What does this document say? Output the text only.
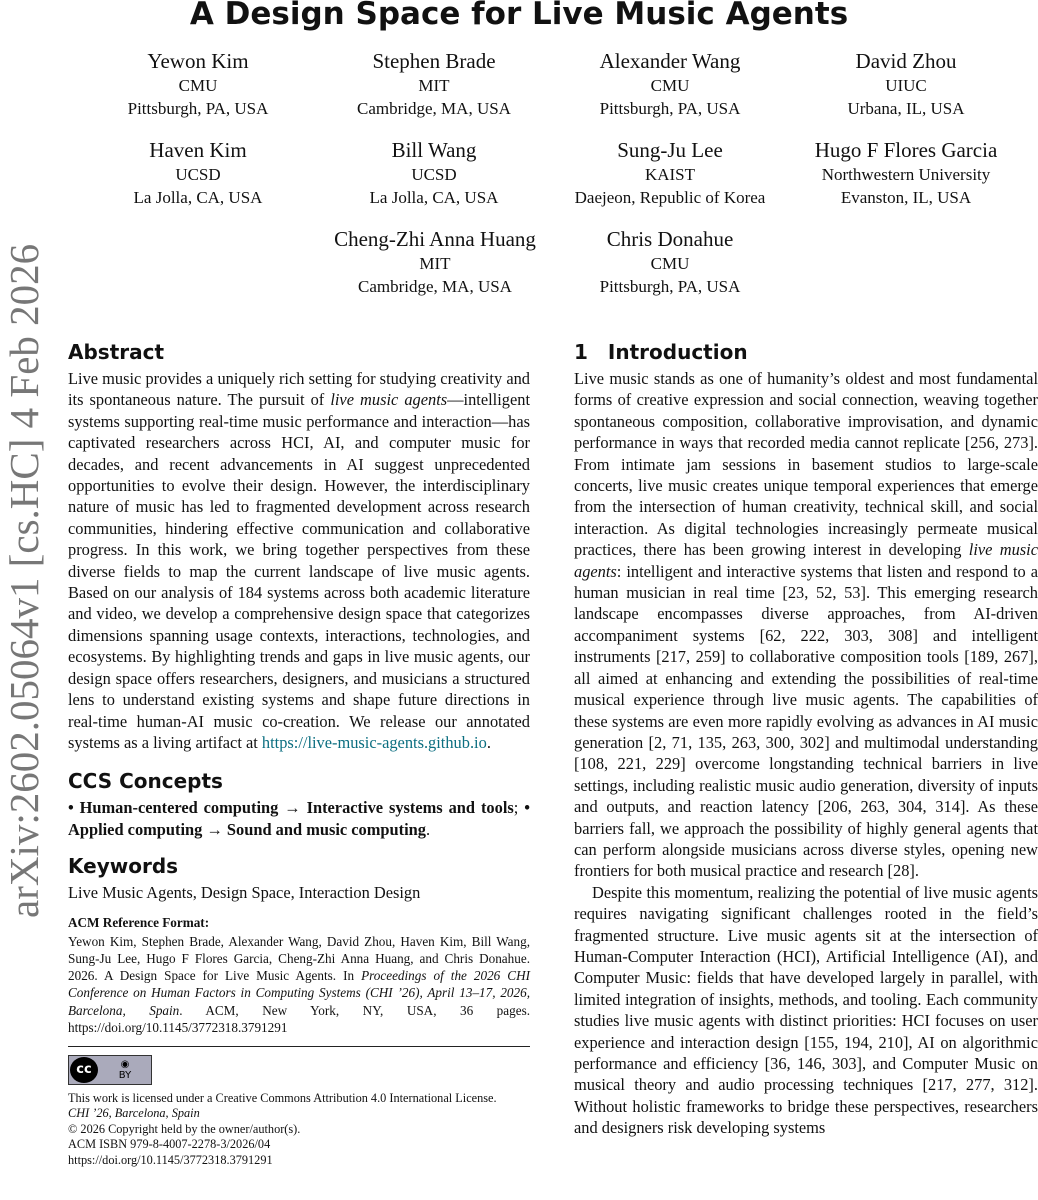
A Design Space for Live Music Agents
arXiv:2602.05064v1 [cs.HC] 4 Feb 2026
Yewon Kim
CMU
Pittsburgh, PA, USA
Stephen Brade
MIT
Cambridge, MA, USA
Alexander Wang
CMU
Pittsburgh, PA, USA
David Zhou
UIUC
Urbana, IL, USA
Haven Kim
UCSD
La Jolla, CA, USA
Bill Wang
UCSD
La Jolla, CA, USA
Sung-Ju Lee
KAIST
Daejeon, Republic of Korea
Hugo F Flores Garcia
Northwestern University
Evanston, IL, USA
Cheng-Zhi Anna Huang
MIT
Cambridge, MA, USA
Chris Donahue
CMU
Pittsburgh, PA, USA
Abstract
Live music provides a uniquely rich setting for studying creativity and its spontaneous nature. The pursuit of live music agents—intelligent systems supporting real-time music performance and interaction—has captivated researchers across HCI, AI, and computer music for decades, and recent advancements in AI suggest unprecedented opportunities to evolve their design. However, the interdisciplinary nature of music has led to fragmented development across research communities, hindering effective communication and collaborative progress. In this work, we bring together perspectives from these diverse fields to map the current landscape of live music agents. Based on our analysis of 184 systems across both academic literature and video, we develop a comprehensive design space that categorizes dimensions spanning usage contexts, interactions, technologies, and ecosystems. By highlighting trends and gaps in live music agents, our design space offers researchers, designers, and musicians a structured lens to understand existing systems and shape future directions in real-time human-AI music co-creation. We release our annotated systems as a living artifact at https://live-music-agents.github.io.
CCS Concepts
• Human-centered computing → Interactive systems and tools; • Applied computing → Sound and music computing.
Keywords
Live Music Agents, Design Space, Interaction Design
ACM Reference Format:
Yewon Kim, Stephen Brade, Alexander Wang, David Zhou, Haven Kim, Bill Wang, Sung-Ju Lee, Hugo F Flores Garcia, Cheng-Zhi Anna Huang, and Chris Donahue. 2026. A Design Space for Live Music Agents. In Proceedings of the 2026 CHI Conference on Human Factors in Computing Systems (CHI ’26), April 13–17, 2026, Barcelona, Spain. ACM, New York, NY, USA, 36 pages. https://doi.org/10.1145/3772318.3791291
cc	◉
BY
This work is licensed under a Creative Commons Attribution 4.0 International License.
CHI ’26, Barcelona, Spain
© 2026 Copyright held by the owner/author(s).
ACM ISBN 979-8-4007-2278-3/2026/04
https://doi.org/10.1145/3772318.3791291
1 Introduction
Live music stands as one of humanity’s oldest and most fundamental forms of creative expression and social connection, weaving together spontaneous composition, collaborative improvisation, and dynamic performance in ways that recorded media cannot replicate [256, 273]. From intimate jam sessions in basement studios to large-scale concerts, live music creates unique temporal experiences that emerge from the intersection of human creativity, technical skill, and social interaction. As digital technologies increasingly permeate musical practices, there has been growing interest in developing live music agents: intelligent and interactive systems that listen and respond to a human musician in real time [23, 52, 53]. This emerging research landscape encompasses diverse approaches, from AI-driven accompaniment systems [62, 222, 303, 308] and intelligent instruments [217, 259] to collaborative composition tools [189, 267], all aimed at enhancing and extending the possibilities of real-time musical experience through live music agents. The capabilities of these systems are even more rapidly evolving as advances in AI music generation [2, 71, 135, 263, 300, 302] and multimodal understanding [108, 221, 229] overcome longstanding technical barriers in live settings, including realistic music audio generation, diversity of inputs and outputs, and reaction latency [206, 263, 304, 314]. As these barriers fall, we approach the possibility of highly general agents that can perform alongside musicians across diverse styles, opening new frontiers for both musical practice and research [28].
Despite this momentum, realizing the potential of live music agents requires navigating significant challenges rooted in the field’s fragmented structure. Live music agents sit at the intersection of Human-Computer Interaction (HCI), Artificial Intelligence (AI), and Computer Music: fields that have developed largely in parallel, with limited integration of insights, methods, and tooling. Each community studies live music agents with distinct priorities: HCI focuses on user experience and interaction design [155, 194, 210], AI on algorithmic performance and efficiency [36, 146, 303], and Computer Music on musical theory and audio processing techniques [217, 277, 312]. Without holistic frameworks to bridge these perspectives, researchers and designers risk developing systems
